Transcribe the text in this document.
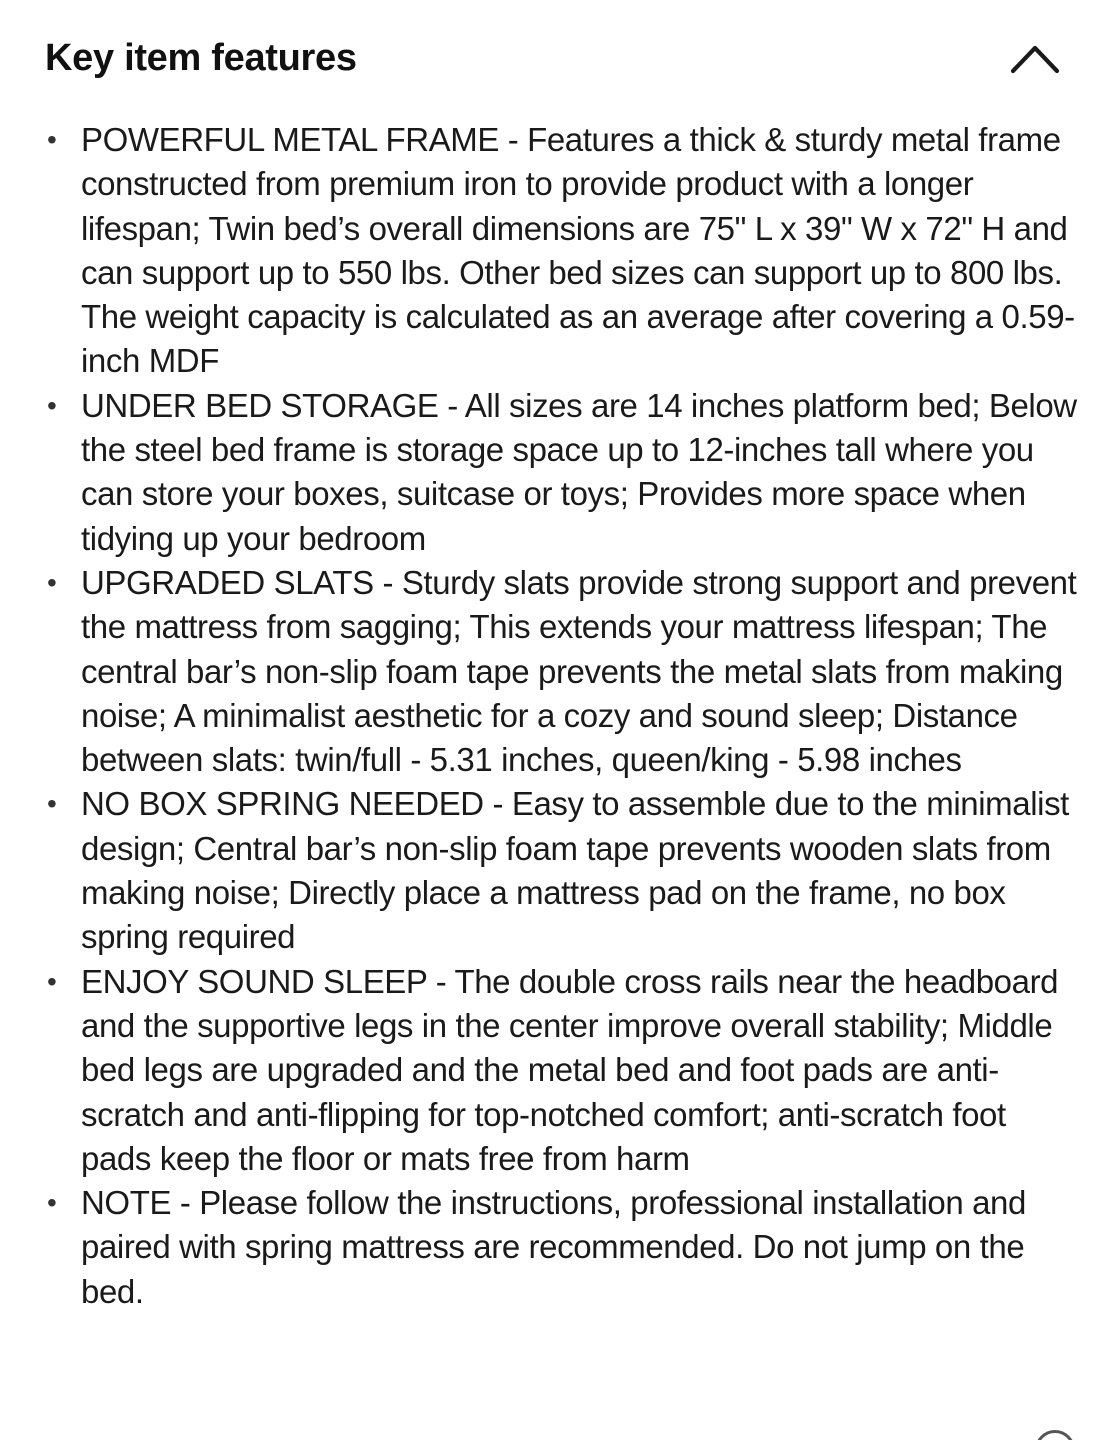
Key item features
• POWERFUL METAL FRAME - Features a thick & sturdy metal frame constructed from premium iron to provide product with a longer lifespan; Twin bed’s overall dimensions are 75" L x 39" W x 72" H and can support up to 550 lbs. Other bed sizes can support up to 800 lbs. The weight capacity is calculated as an average after covering a 0.59-inch MDF
• UNDER BED STORAGE - All sizes are 14 inches platform bed; Below the steel bed frame is storage space up to 12-inches tall where you can store your boxes, suitcase or toys; Provides more space when tidying up your bedroom
• UPGRADED SLATS - Sturdy slats provide strong support and prevent the mattress from sagging; This extends your mattress lifespan; The central bar’s non-slip foam tape prevents the metal slats from making noise; A minimalist aesthetic for a cozy and sound sleep; Distance between slats: twin/full - 5.31 inches, queen/king - 5.98 inches
• NO BOX SPRING NEEDED - Easy to assemble due to the minimalist design; Central bar’s non-slip foam tape prevents wooden slats from making noise; Directly place a mattress pad on the frame, no box spring required
• ENJOY SOUND SLEEP - The double cross rails near the headboard and the supportive legs in the center improve overall stability; Middle bed legs are upgraded and the metal bed and foot pads are anti-scratch and anti-flipping for top-notched comfort; anti-scratch foot pads keep the floor or mats free from harm
• NOTE - Please follow the instructions, professional installation and paired with spring mattress are recommended. Do not jump on the bed.
